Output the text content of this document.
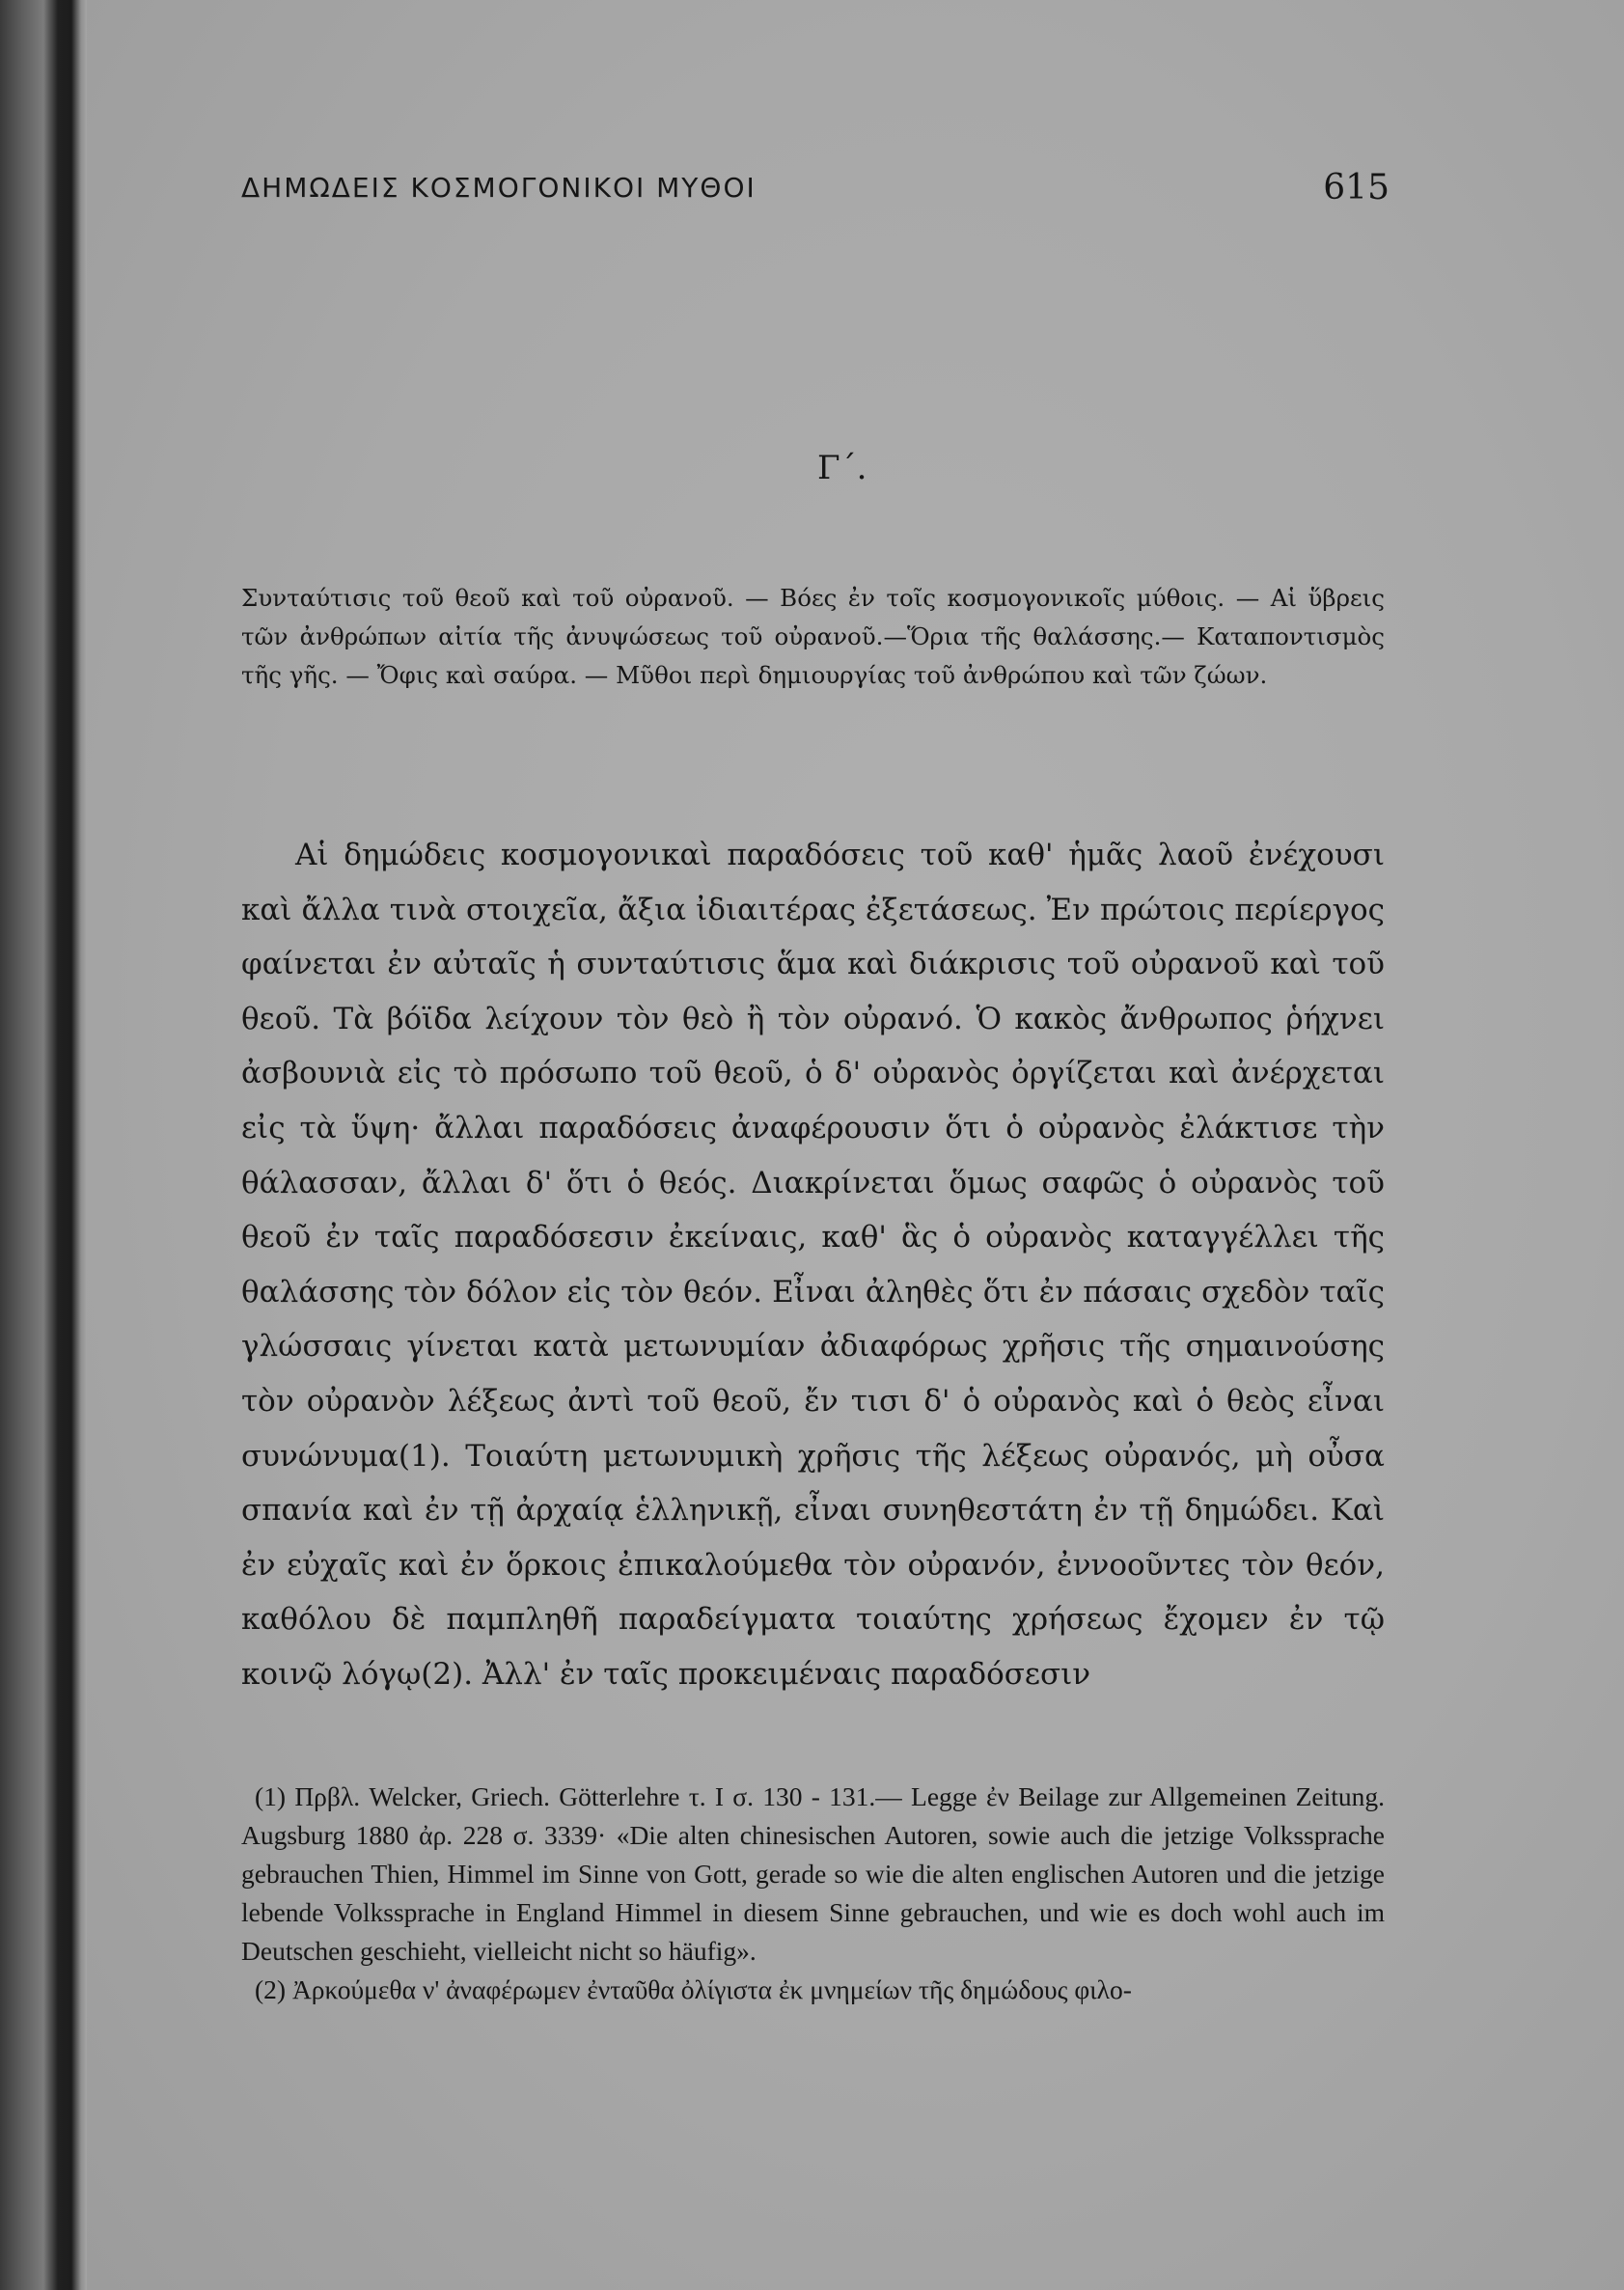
ΔΗΜΩΔΕΙΣ ΚΟΣΜΟΓΟΝΙΚΟΙ ΜΥΘΟΙ	615
Γ΄.
Συνταύτισις τοῦ θεοῦ καὶ τοῦ οὐρανοῦ. — Βόες ἐν τοῖς κοσμογονικοῖς μύθοις. — Αἱ ὕβρεις τῶν ἀνθρώπων αἰτία τῆς ἀνυψώσεως τοῦ οὐρανοῦ.—Ὅρια τῆς θαλάσσης.— Καταποντισμὸς τῆς γῆς. — Ὄφις καὶ σαύρα. — Μῦθοι περὶ δημιουργίας τοῦ ἀνθρώπου καὶ τῶν ζώων.

Αἱ δημώδεις κοσμογονικαὶ παραδόσεις τοῦ καθ' ἡμᾶς λαοῦ ἐνέχουσι καὶ ἄλλα τινὰ στοιχεῖα, ἄξια ἰδιαιτέρας ἐξετάσεως. Ἐν πρώτοις περίεργος φαίνεται ἐν αὐταῖς ἡ συνταύτισις ἅμα καὶ διάκρισις τοῦ οὐρανοῦ καὶ τοῦ θεοῦ. Τὰ βόϊδα λείχουν τὸν θεὸ ἢ τὸν οὐρανό. Ὁ κακὸς ἄνθρωπος ῥήχνει ἀσβουνιὰ εἰς τὸ πρόσωπο τοῦ θεοῦ, ὁ δ' οὐρανὸς ὀργίζεται καὶ ἀνέρχεται εἰς τὰ ὕψη· ἄλλαι παραδόσεις ἀναφέρουσιν ὅτι ὁ οὐρανὸς ἐλάκτισε τὴν θάλασσαν, ἄλλαι δ' ὅτι ὁ θεός. Διακρίνεται ὅμως σαφῶς ὁ οὐρανὸς τοῦ θεοῦ ἐν ταῖς παραδόσεσιν ἐκείναις, καθ' ἃς ὁ οὐρανὸς καταγγέλλει τῆς θαλάσσης τὸν δόλον εἰς τὸν θεόν. Εἶναι ἀληθὲς ὅτι ἐν πάσαις σχεδὸν ταῖς γλώσσαις γίνεται κατὰ μετωνυμίαν ἀδιαφόρως χρῆσις τῆς σημαινούσης τὸν οὐρανὸν λέξεως ἀντὶ τοῦ θεοῦ, ἔν τισι δ' ὁ οὐρανὸς καὶ ὁ θεὸς εἶναι συνώνυμα(1). Τοιαύτη μετωνυμικὴ χρῆσις τῆς λέξεως οὐρανός, μὴ οὖσα σπανία καὶ ἐν τῇ ἀρχαίᾳ ἑλληνικῇ, εἶναι συνηθεστάτη ἐν τῇ δημώδει. Καὶ ἐν εὐχαῖς καὶ ἐν ὅρκοις ἐπικαλούμεθα τὸν οὐρανόν, ἐννοοῦντες τὸν θεόν, καθόλου δὲ παμπληθῆ παραδείγματα τοιαύτης χρήσεως ἔχομεν ἐν τῷ κοινῷ λόγῳ(2). Ἀλλ' ἐν ταῖς προκειμέναις παραδόσεσιν

(1) Πρβλ. Welcker, Griech. Götterlehre τ. I σ. 130 - 131.— Legge ἐν Beilage zur Allgemeinen Zeitung. Augsburg 1880 ἀρ. 228 σ. 3339· «Die alten chinesischen Autoren, sowie auch die jetzige Volkssprache gebrauchen Thien, Himmel im Sinne von Gott, gerade so wie die alten englischen Autoren und die jetzige lebende Volkssprache in England Himmel in diesem Sinne gebrauchen, und wie es doch wohl auch im Deutschen geschieht, vielleicht nicht so häufig».

(2) Ἀρκούμεθα ν' ἀναφέρωμεν ἐνταῦθα ὀλίγιστα ἐκ μνημείων τῆς δημώδους φιλο-
